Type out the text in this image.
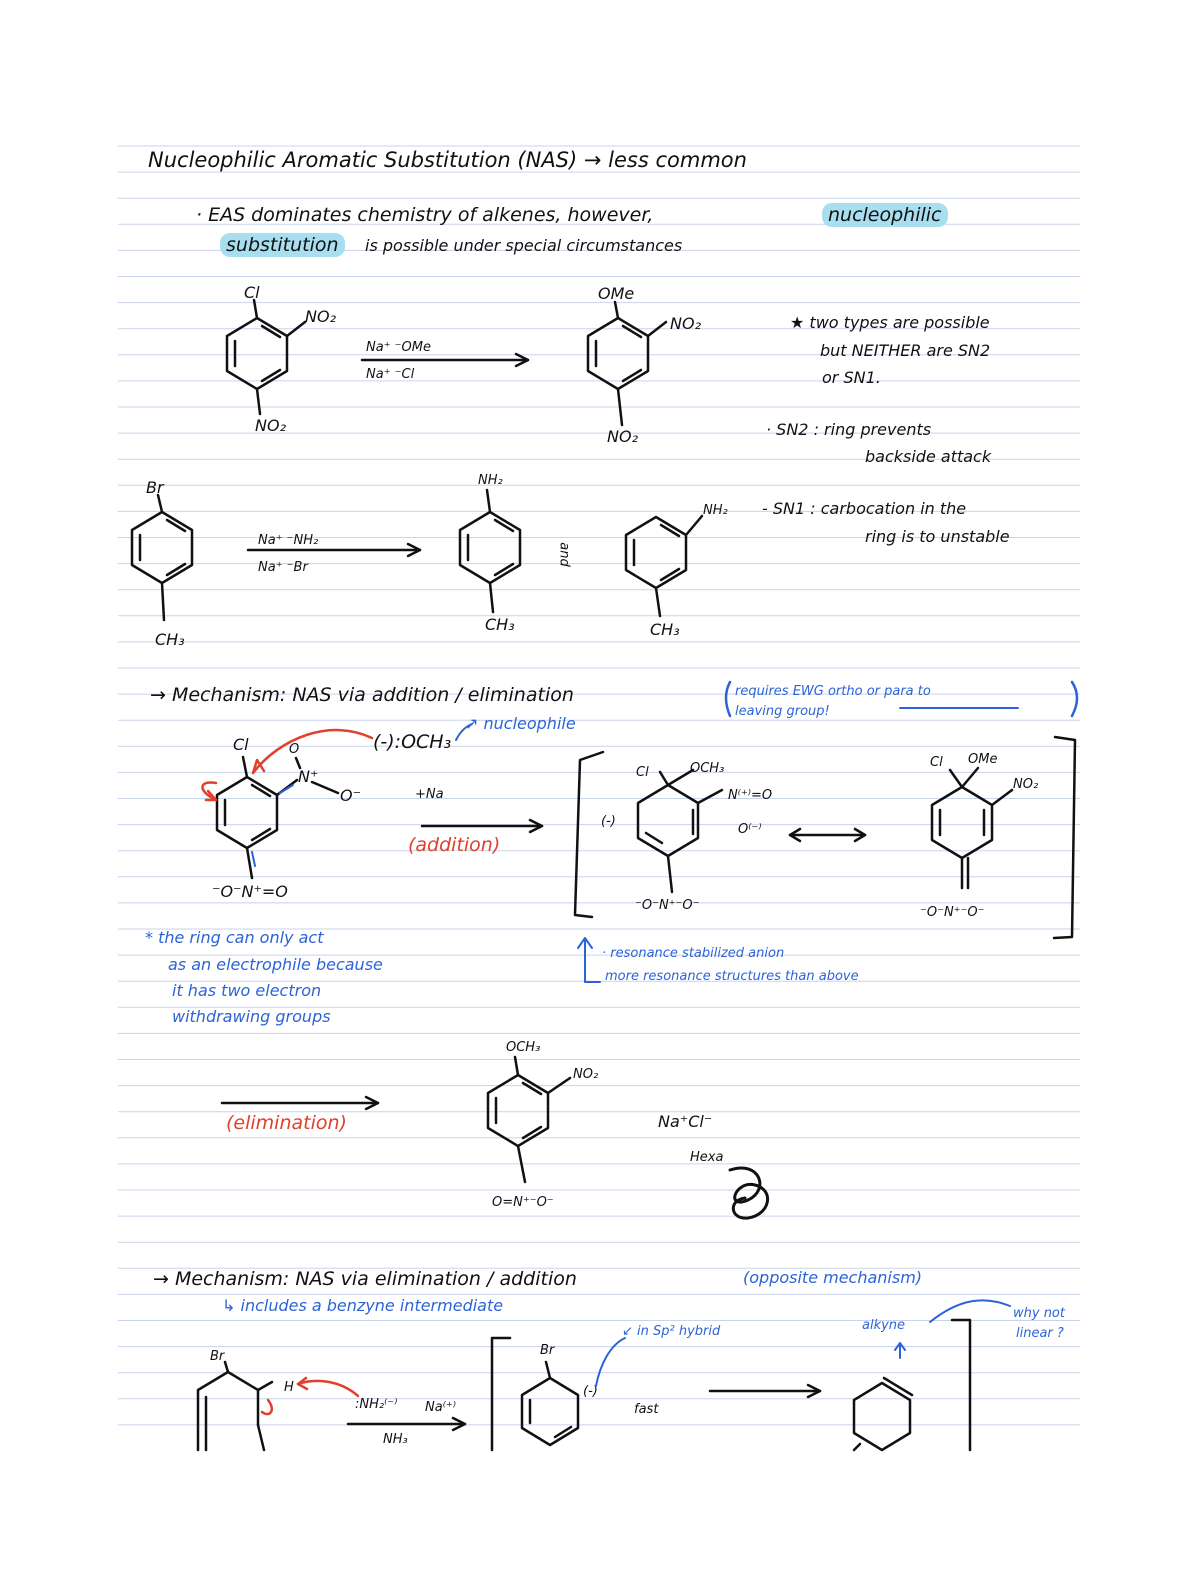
Nucleophilic Aromatic Substitution (NAS) → less common
· EAS dominates chemistry of alkenes, however,	nucleophilic
substitution	is possible under special circumstances
Cl
NO₂
NO₂
Na⁺ ⁻OMe
Na⁺ ⁻Cl
OMe
NO₂
NO₂
★ two types are possible
but NEITHER are SN2
or SN1.
· SN2 : ring prevents
backside attack
- SN1 : carbocation in the
ring is to unstable
Br
CH₃
Na⁺ ⁻NH₂
Na⁺ ⁻Br
NH₂
CH₃
and
NH₂
CH₃
→ Mechanism: NAS via addition / elimination	requires EWG ortho or para to
leaving group!
↗ nucleophile
(-):OCH₃
+Na
(addition)
Cl	O
N⁺
O⁻
⁻O⁻N⁺=O
Cl	OCH₃
N⁽⁺⁾=O
O⁽⁻⁾
(-)
⁻O⁻N⁺⁻O⁻
Cl OMe
NO₂
⁻O⁻N⁺⁻O⁻
* the ring can only act
as an electrophile because
it has two electron
withdrawing groups
· resonance stabilized anion
more resonance structures than above
(elimination)
OCH₃
NO₂
O=N⁺⁻O⁻
Na⁺Cl⁻
Hexa
→ Mechanism: NAS via elimination / addition	(opposite mechanism)
↳ includes a benzyne intermediate
↙ in Sp² hybrid	alkyne
why not
linear ?
Br
H
:NH₂⁽⁻⁾ Na⁽⁺⁾
NH₃
Br
(-)
fast
